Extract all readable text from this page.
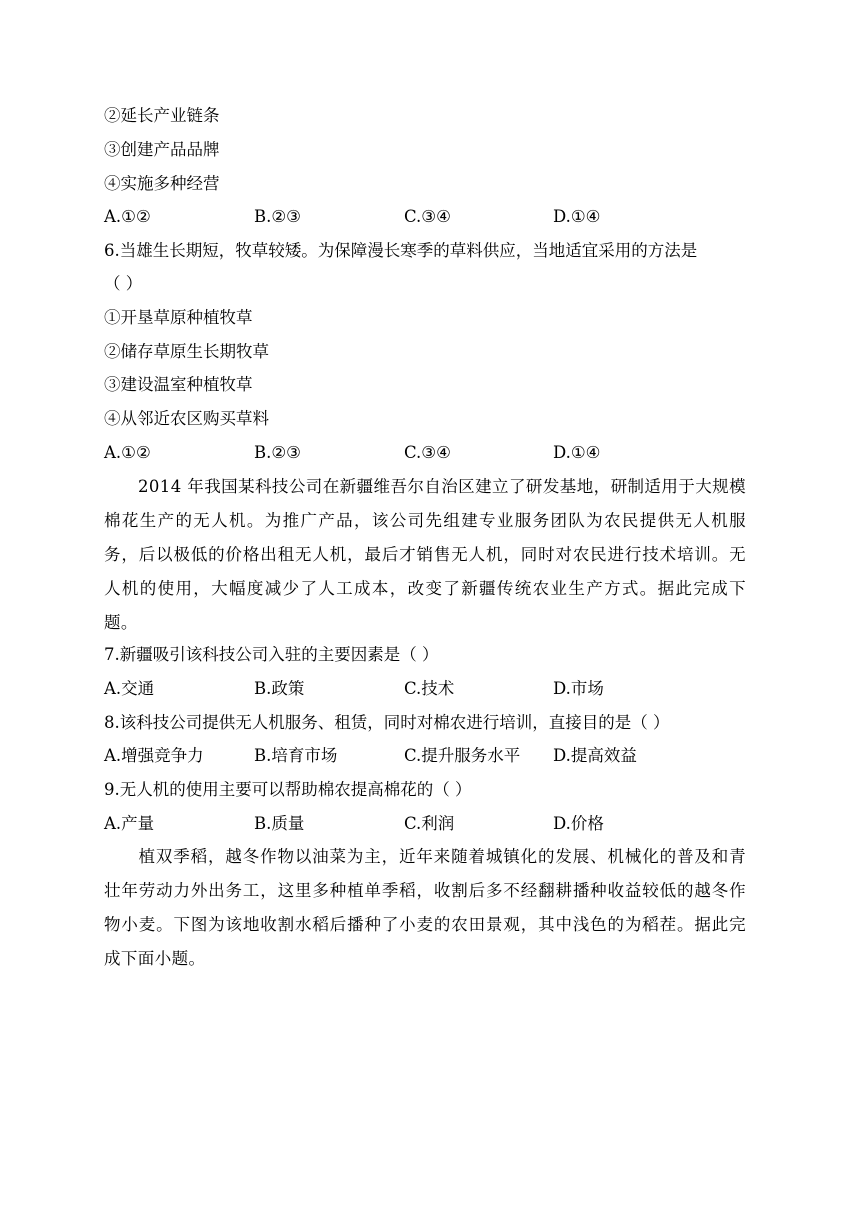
②延长产业链条
③创建产品品牌
④实施多种经营
A.①②	B.②③	C.③④	D.①④
6.当雄生长期短，牧草较矮。为保障漫长寒季的草料供应，当地适宜采用的方法是
（ ）
①开垦草原种植牧草
②储存草原生长期牧草
③建设温室种植牧草
④从邻近农区购买草料
A.①②	B.②③	C.③④	D.①④
2014 年我国某科技公司在新疆维吾尔自治区建立了研发基地，研制适用于大规模棉花生产的无人机。为推广产品，该公司先组建专业服务团队为农民提供无人机服务，后以极低的价格出租无人机，最后才销售无人机，同时对农民进行技术培训。无人机的使用，大幅度减少了人工成本，改变了新疆传统农业生产方式。据此完成下题。
7.新疆吸引该科技公司入驻的主要因素是（ ）
A.交通	B.政策	C.技术	D.市场
8.该科技公司提供无人机服务、租赁，同时对棉农进行培训，直接目的是（ ）
A.增强竞争力	B.培育市场	C.提升服务水平 D.提高效益
9.无人机的使用主要可以帮助棉农提高棉花的（ ）
A.产量	B.质量	C.利润	D.价格
植双季稻，越冬作物以油菜为主，近年来随着城镇化的发展、机械化的普及和青壮年劳动力外出务工，这里多种植单季稻，收割后多不经翻耕播种收益较低的越冬作物小麦。下图为该地收割水稻后播种了小麦的农田景观，其中浅色的为稻茬。据此完成下面小题。
